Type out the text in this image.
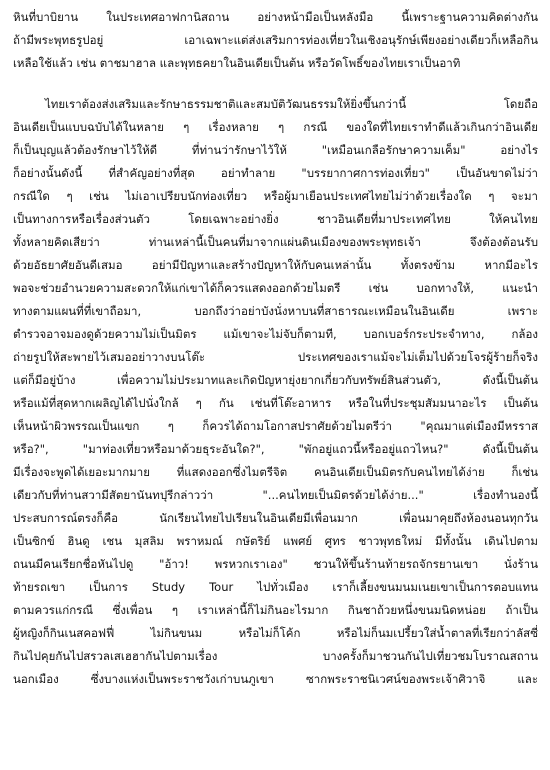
หินที่บาบิยาน ในประเทศอาฟกานิสถาน อย่างหน้ามือเป็นหลังมือ นี้เพราะฐานความคิดต่างกัน
ถ้ามีพระพุทธรูปอยู่ เอาเฉพาะแต่ส่งเสริมการท่องเที่ยวในเชิงอนุรักษ์เพียงอย่างเดียวก็เหลือกิน
เหลือใช้แล้ว เช่น ตาชมาฮาล และพุทธคยาในอินเดียเป็นต้น หรือวัดโพธิ์ของไทยเราเป็นอาทิ
ไทยเราต้องส่งเสริมและรักษาธรรมชาติและสมบัติวัฒนธรรมให้ยิ่งขึ้นกว่านี้ โดยถือ
อินเดียเป็นแบบฉบับได้ในหลาย ๆ เรื่องหลาย ๆ กรณี ของใดที่ไทยเราทำดีแล้วเกินกว่าอินเดีย
ก็เป็นบุญแล้วต้องรักษาไว้ให้ดี ที่ท่านว่ารักษาไว้ให้ "เหมือนเกลือรักษาความเค็ม" อย่างไร
ก็อย่างนั้นดังนี้ ที่สำคัญอย่างที่สุด อย่าทำลาย "บรรยากาศการท่องเที่ยว" เป็นอันขาดไม่ว่า
กรณีใด ๆ เช่น ไม่เอาเปรียบนักท่องเที่ยว หรือผู้มาเยือนประเทศไทยไม่ว่าด้วยเรื่องใด ๆ จะมา
เป็นทางการหรือเรื่องส่วนตัว โดยเฉพาะอย่างยิ่ง ชาวอินเดียที่มาประเทศไทย ให้คนไทย
ทั้งหลายคิดเสียว่า ท่านเหล่านี้เป็นคนที่มาจากแผ่นดินเมืองของพระพุทธเจ้า จึงต้องต้อนรับ
ด้วยอัธยาศัยอันดีเสมอ อย่ามีปัญหาและสร้างปัญหาให้กับคนเหล่านั้น ทั้งตรงข้าม หากมีอะไร
พอจะช่วยอำนวยความสะดวกให้แก่เขาได้ก็ควรแสดงออกด้วยไมตรี เช่น บอกทางให้, แนะนำ
ทางตามแผนที่ที่เขาถือมา, บอกถึงว่าอย่าบังนั่งหาบนที่สาธารณะเหมือนในอินเดีย เพราะ
ตำรวจอาจมองดูด้วยความไม่เป็นมิตร แม้เขาจะไม่จับก็ตามที, บอกเบอร์กระประจำทาง, กล้อง
ถ่ายรูปให้สะพายไว้เสมออย่าวางบนโต๊ะ ประเทศของเราแม้จะไม่เต็มไปด้วยโจรผู้ร้ายก็จริง
แต่ก็มีอยู่บ้าง เพื่อความไม่ประมาทและเกิดปัญหายุ่งยากเกี่ยวกับทรัพย์สินส่วนตัว, ดังนี้เป็นต้น
หรือแม้ที่สุดหากเผลิญได้ไปนั่งใกล้ ๆ กัน เช่นที่โต๊ะอาหาร หรือในที่ประชุมสัมมนาอะไร เป็นต้น
เห็นหน้าผิวพรรณเป็นแขก ๆ ก็ควรได้ถามโอกาสปราศัยด้วยไมตรีว่า "คุณมาแต่เมืองมีหรราส
หรือ?", "มาท่องเที่ยวหรือมาด้วยธุระอันใด?", "พักอยู่แถวนี้หรืออยู่แถวไหน?" ดังนี้เป็นต้น
มีเรื่องจะพูดได้เยอะมากมาย ที่แสดงออกซึ่งไมตรีจิต คนอินเดียเป็นมิตรกับคนไทยได้ง่าย ก็เช่น
เดียวกับที่ท่านสวามีสัตยานันทปุรีกล่าวว่า "...คนไทยเป็นมิตรด้วยได้ง่าย..." เรื่องทำนองนี้
ประสบการณ์ตรงก็คือ นักเรียนไทยไปเรียนในอินเดียมีเพื่อนมาก เพื่อนมาคุยถึงห้องนอนทุกวัน
เป็นซิกข์ ฮินดู เชน มุสลิม พราหมณ์ กษัตริย์ แพศย์ ศูทร ชาวพุทธใหม่ มีทั้งนั้น เดินไปตาม
ถนนมีคนเรียกชื่อหันไปดู "อ้าว! พรหวกเราเอง" ชวนให้ขึ้นร้านท้ายรถจักรยานเขา นั่งร้าน
ท้ายรถเขา เป็นการ Study Tour ไปทั่วเมือง เราก็เลี้ยงขนมนมเนยเขาเป็นการตอบแทน
ตามควรแก่กรณี ซึ่งเพื่อน ๆ เราเหล่านี้ก็ไม่กินอะไรมาก กินชาถ้วยหนึ่งขนมนิดหน่อย ถ้าเป็น
ผู้หญิงก็กินเนสคอฟฟี่ ไม่กินขนม หรือไม่ก็โค้ก หรือไม่ก็นมเปรี้ยวใส่น้ำตาลที่เรียกว่าลัสซี่
กินไปคุยกันไปสรวลเสเฮฮากันไปตามเรื่อง บางครั้งก็มาชวนกันไปเที่ยวชมโบราณสถาน
นอกเมือง ซึ่งบางแห่งเป็นพระราชวังเก่าบนภูเขา ซากพระราชนิเวศน์ของพระเจ้าศิวาจิ และ
